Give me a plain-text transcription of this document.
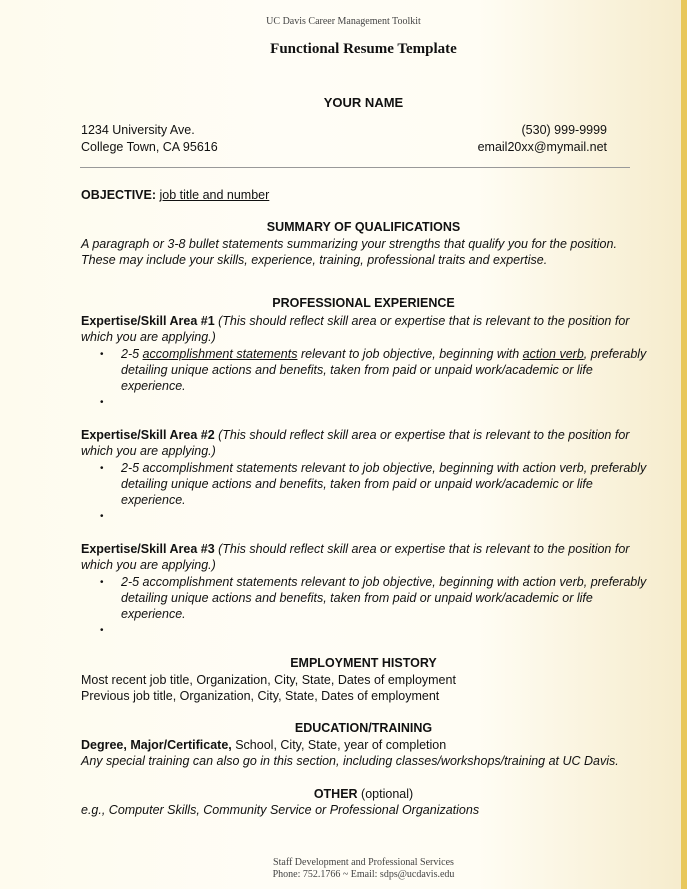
UC Davis Career Management Toolkit
Functional Resume Template
YOUR NAME
1234 University Ave.
College Town, CA 95616
(530) 999-9999
email20xx@mymail.net
OBJECTIVE: job title and number
SUMMARY OF QUALIFICATIONS
A paragraph or 3-8 bullet statements summarizing your strengths that qualify you for the position.
These may include your skills, experience, training, professional traits and expertise.
PROFESSIONAL EXPERIENCE
Expertise/Skill Area #1 (This should reflect skill area or expertise that is relevant to the position for
which you are applying.)
• 2-5 accomplishment statements relevant to job objective, beginning with action verb, preferably
detailing unique actions and benefits, taken from paid or unpaid work/academic or life
experience.
•
Expertise/Skill Area #2 (This should reflect skill area or expertise that is relevant to the position for
which you are applying.)
• 2-5 accomplishment statements relevant to job objective, beginning with action verb, preferably
detailing unique actions and benefits, taken from paid or unpaid work/academic or life
experience.
•
Expertise/Skill Area #3 (This should reflect skill area or expertise that is relevant to the position for
which you are applying.)
• 2-5 accomplishment statements relevant to job objective, beginning with action verb, preferably
detailing unique actions and benefits, taken from paid or unpaid work/academic or life
experience.
•
EMPLOYMENT HISTORY
Most recent job title, Organization, City, State, Dates of employment
Previous job title, Organization, City, State, Dates of employment
EDUCATION/TRAINING
Degree, Major/Certificate, School, City, State, year of completion
Any special training can also go in this section, including classes/workshops/training at UC Davis.
OTHER (optional)
e.g., Computer Skills, Community Service or Professional Organizations
Staff Development and Professional Services
Phone: 752.1766 ~ Email: sdps@ucdavis.edu
